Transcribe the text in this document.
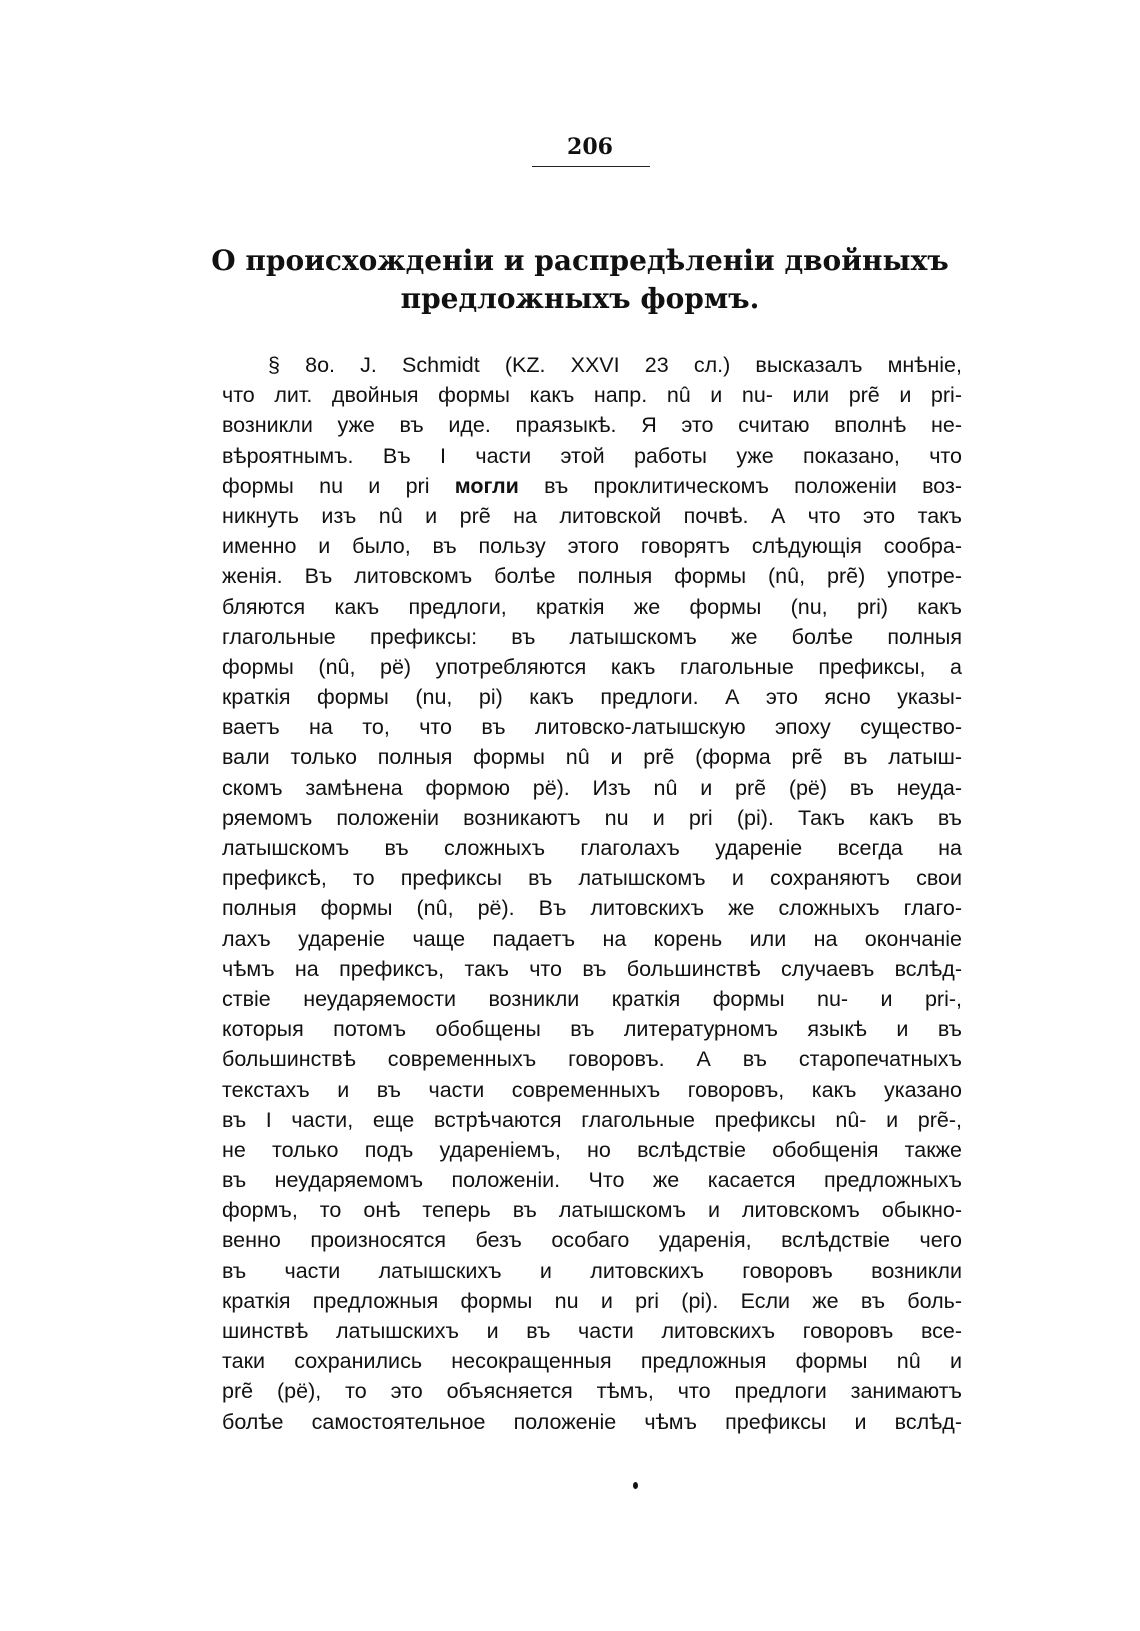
206
О происхожденіи и распредѣленіи двойныхъ
предложныхъ формъ.
§ 8о. J. Schmidt (KZ. XXVI 23 сл.) высказалъ мнѣніе,
что лит. двойныя формы какъ напр. nû и nu- или prẽ и pri-
возникли уже въ иде. праязыкѣ. Я это считаю вполнѣ не-
вѣроятнымъ. Въ I части этой работы уже показано, что
формы nu и pri могли въ проклитическомъ положеніи воз-
никнуть изъ nû и prẽ на литовской почвѣ. А что это такъ
именно и было, въ пользу этого говорятъ слѣдующія сообра-
женія. Въ литовскомъ болѣе полныя формы (nû, prẽ) употре-
бляются какъ предлоги, краткія же формы (nu, pri) какъ
глагольные префиксы: въ латышскомъ же болѣе полныя
формы (nû, pë) употребляются какъ глагольные префиксы, а
краткія формы (nu, pi) какъ предлоги. А это ясно указы-
ваетъ на то, что въ литовско-латышскую эпоху существо-
вали только полныя формы nû и prẽ (форма prẽ въ латыш-
скомъ замѣнена формою pë). Изъ nû и prẽ (pë) въ неуда-
ряемомъ положеніи возникаютъ nu и pri (pi). Такъ какъ въ
латышскомъ въ сложныхъ глаголахъ удареніе всегда на
префиксѣ, то префиксы въ латышскомъ и сохраняютъ свои
полныя формы (nû, pë). Въ литовскихъ же сложныхъ глаго-
лахъ удареніе чаще падаетъ на корень или на окончаніе
чѣмъ на префиксъ, такъ что въ большинствѣ случаевъ вслѣд-
ствіе неударяемости возникли краткія формы nu- и pri-,
которыя потомъ обобщены въ литературномъ языкѣ и въ
большинствѣ современныхъ говоровъ. А въ старопечатныхъ
текстахъ и въ части современныхъ говоровъ, какъ указано
въ I части, еще встрѣчаются глагольные префиксы nû- и prẽ-,
не только подъ удареніемъ, но вслѣдствіе обобщенія также
въ неударяемомъ положеніи. Что же касается предложныхъ
формъ, то онѣ теперь въ латышскомъ и литовскомъ обыкно-
венно произносятся безъ особаго ударенія, вслѣдствіе чего
въ части латышскихъ и литовскихъ говоровъ возникли
краткія предложныя формы nu и pri (pi). Если же въ боль-
шинствѣ латышскихъ и въ части литовскихъ говоровъ все-
таки сохранились несокращенныя предложныя формы nû и
prẽ (pë), то это объясняется тѣмъ, что предлоги занимаютъ
болѣе самостоятельное положеніе чѣмъ префиксы и вслѣд-
